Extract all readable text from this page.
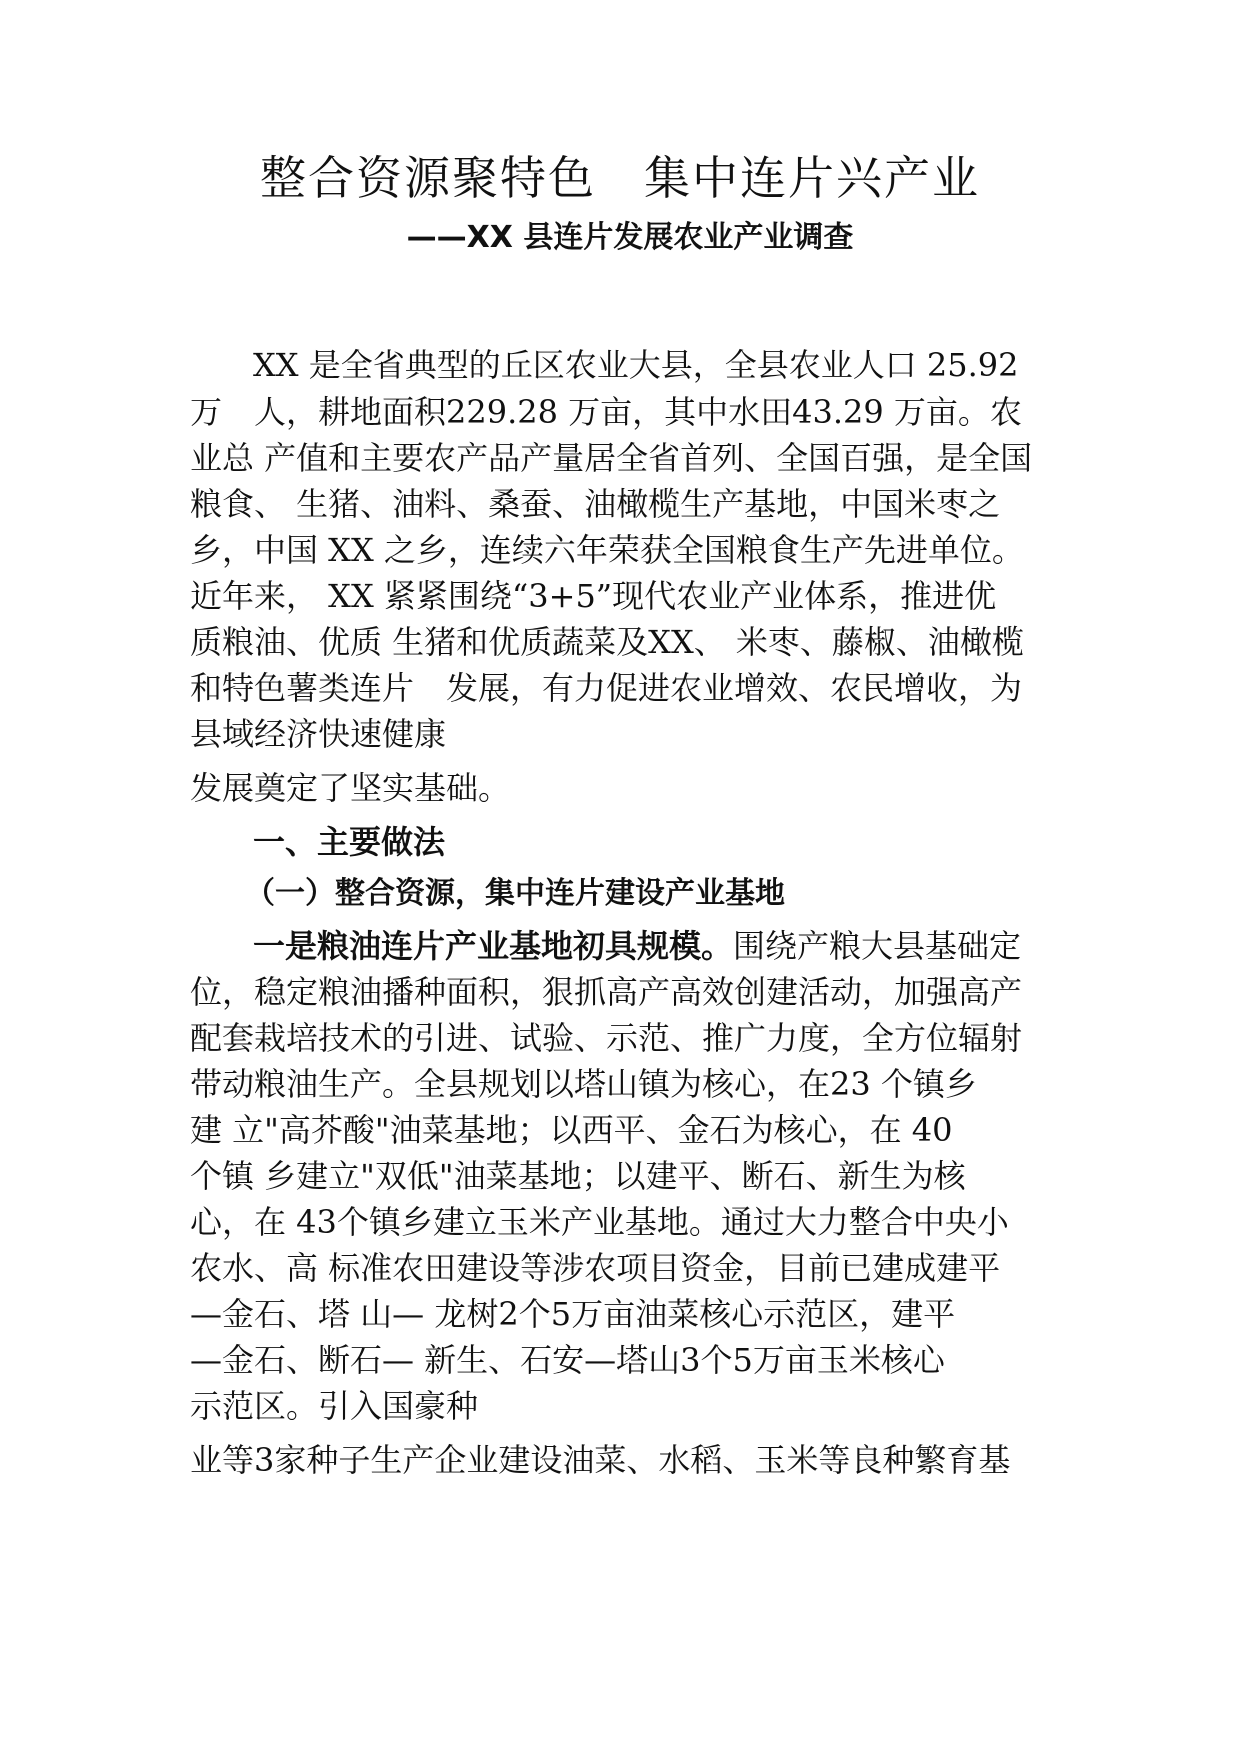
整合资源聚特色　集中连片兴产业
——XX 县连片发展农业产业调查
XX 是全省典型的丘区农业大县，全县农业人口 25.92
万　人，耕地面积229.28 万亩，其中水田43.29 万亩。农
业总 产值和主要农产品产量居全省首列、全国百强，是全国
粮食、 生猪、油料、桑蚕、油橄榄生产基地，中国米枣之
乡，中国 XX 之乡，连续六年荣获全国粮食生产先进单位。
近年来， XX 紧紧围绕“3+5”现代农业产业体系，推进优
质粮油、优质 生猪和优质蔬菜及XX、 米枣、藤椒、油橄榄
和特色薯类连片　发展，有力促进农业增效、农民增收，为
县域经济快速健康
发展奠定了坚实基础。
一、主要做法
（一）整合资源，集中连片建设产业基地
一是粮油连片产业基地初具规模。围绕产粮大县基础定
位，稳定粮油播种面积，狠抓高产高效创建活动，加强高产
配套栽培技术的引进、试验、示范、推广力度，全方位辐射
带动粮油生产。全县规划以塔山镇为核心，在23 个镇乡
建 立"高芥酸"油菜基地；以西平、金石为核心，在 40
个镇 乡建立"双低"油菜基地；以建平、断石、新生为核
心，在 43个镇乡建立玉米产业基地。通过大力整合中央小
农水、高 标准农田建设等涉农项目资金，目前已建成建平
—金石、塔 山— 龙树2个5万亩油菜核心示范区，建平
—金石、断石— 新生、石安—塔山3个5万亩玉米核心
示范区。引入国豪种
业等3家种子生产企业建设油菜、水稻、玉米等良种繁育基
